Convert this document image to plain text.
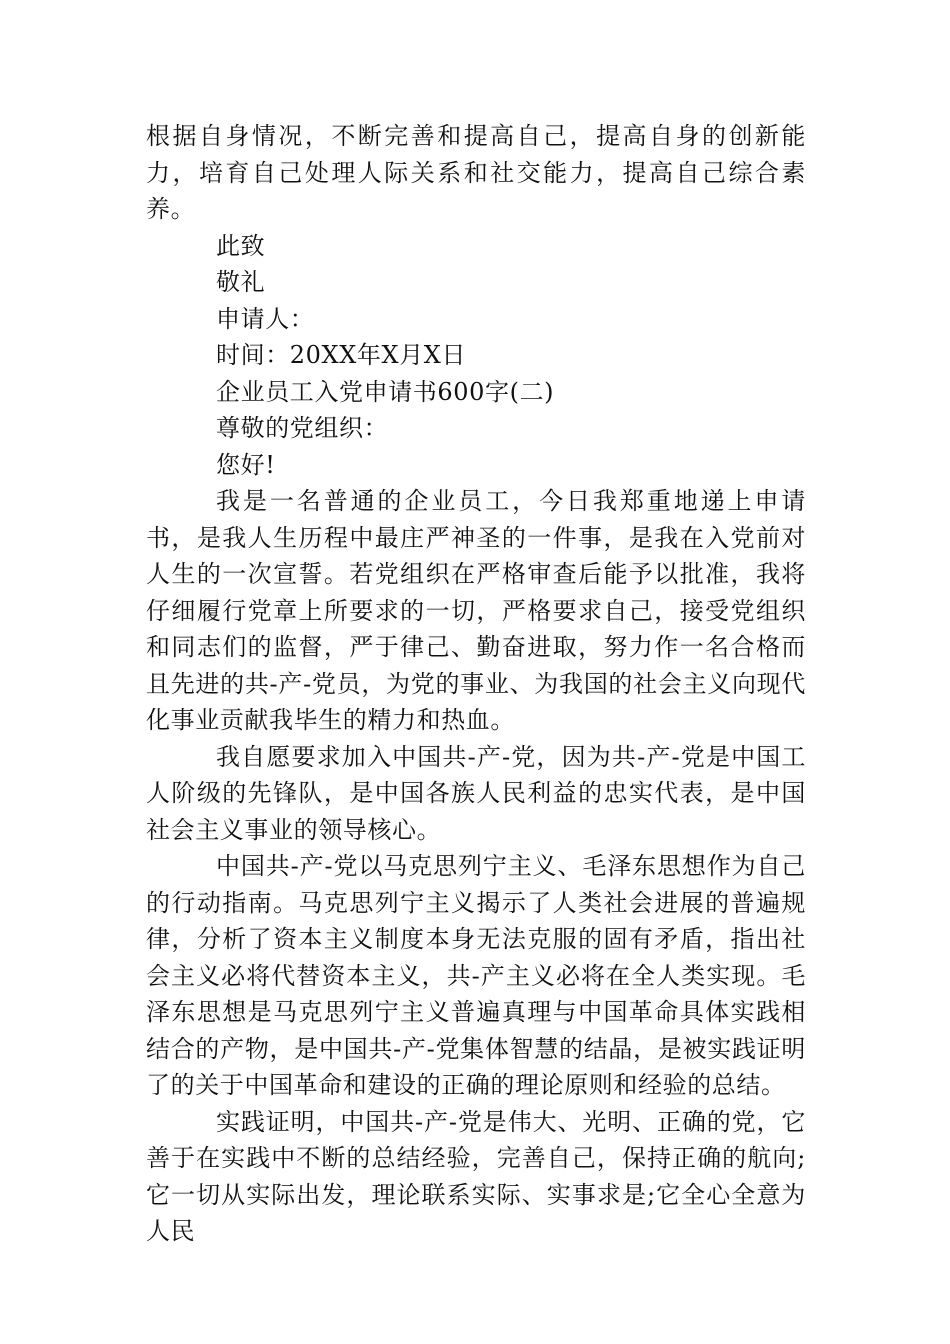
根据自身情况，不断完善和提高自己，提高自身的创新能力，培育自己处理人际关系和社交能力，提高自己综合素养。

此致

敬礼

申请人：

时间：20XX年X月X日

企业员工入党申请书600字(二)

尊敬的党组织：

您好!

我是一名普通的企业员工，今日我郑重地递上申请书，是我人生历程中最庄严神圣的一件事，是我在入党前对人生的一次宣誓。若党组织在严格审查后能予以批准，我将仔细履行党章上所要求的一切，严格要求自己，接受党组织和同志们的监督，严于律己、勤奋进取，努力作一名合格而且先进的共-产-党员，为党的事业、为我国的社会主义向现代化事业贡献我毕生的精力和热血。

我自愿要求加入中国共-产-党，因为共-产-党是中国工人阶级的先锋队，是中国各族人民利益的忠实代表，是中国社会主义事业的领导核心。

中国共-产-党以马克思列宁主义、毛泽东思想作为自己的行动指南。马克思列宁主义揭示了人类社会进展的普遍规律，分析了资本主义制度本身无法克服的固有矛盾，指出社会主义必将代替资本主义，共-产主义必将在全人类实现。毛泽东思想是马克思列宁主义普遍真理与中国革命具体实践相结合的产物，是中国共-产-党集体智慧的结晶，是被实践证明了的关于中国革命和建设的正确的理论原则和经验的总结。

实践证明，中国共-产-党是伟大、光明、正确的党，它善于在实践中不断的总结经验，完善自己，保持正确的航向;它一切从实际出发，理论联系实际、实事求是;它全心全意为人民
